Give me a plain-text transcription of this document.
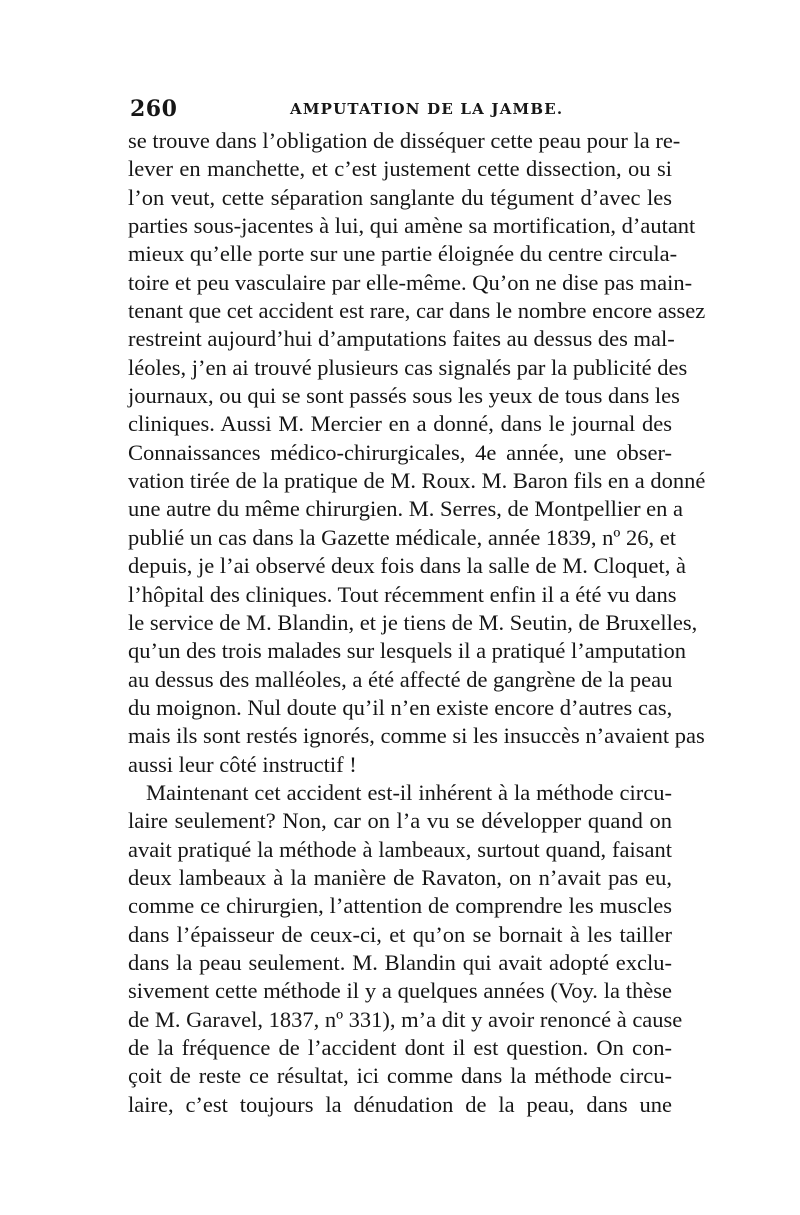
260	AMPUTATION DE LA JAMBE.
se trouve dans l’obligation de disséquer cette peau pour la re-
lever en manchette, et c’est justement cette dissection, ou si
l’on veut, cette séparation sanglante du tégument d’avec les
parties sous-jacentes à lui, qui amène sa mortification, d’autant
mieux qu’elle porte sur une partie éloignée du centre circula-
toire et peu vasculaire par elle-même. Qu’on ne dise pas main-
tenant que cet accident est rare, car dans le nombre encore assez
restreint aujourd’hui d’amputations faites au dessus des mal-
léoles, j’en ai trouvé plusieurs cas signalés par la publicité des
journaux, ou qui se sont passés sous les yeux de tous dans les
cliniques. Aussi M. Mercier en a donné, dans le journal des
Connaissances médico-chirurgicales, 4e année, une obser-
vation tirée de la pratique de M. Roux. M. Baron fils en a donné
une autre du même chirurgien. M. Serres, de Montpellier en a
publié un cas dans la Gazette médicale, année 1839, nº 26, et
depuis, je l’ai observé deux fois dans la salle de M. Cloquet, à
l’hôpital des cliniques. Tout récemment enfin il a été vu dans
le service de M. Blandin, et je tiens de M. Seutin, de Bruxelles,
qu’un des trois malades sur lesquels il a pratiqué l’amputation
au dessus des malléoles, a été affecté de gangrène de la peau
du moignon. Nul doute qu’il n’en existe encore d’autres cas,
mais ils sont restés ignorés, comme si les insuccès n’avaient pas
aussi leur côté instructif !
Maintenant cet accident est-il inhérent à la méthode circu-
laire seulement? Non, car on l’a vu se développer quand on
avait pratiqué la méthode à lambeaux, surtout quand, faisant
deux lambeaux à la manière de Ravaton, on n’avait pas eu,
comme ce chirurgien, l’attention de comprendre les muscles
dans l’épaisseur de ceux-ci, et qu’on se bornait à les tailler
dans la peau seulement. M. Blandin qui avait adopté exclu-
sivement cette méthode il y a quelques années (Voy. la thèse
de M. Garavel, 1837, nº 331), m’a dit y avoir renoncé à cause
de la fréquence de l’accident dont il est question. On con-
çoit de reste ce résultat, ici comme dans la méthode circu-
laire, c’est toujours la dénudation de la peau, dans une
